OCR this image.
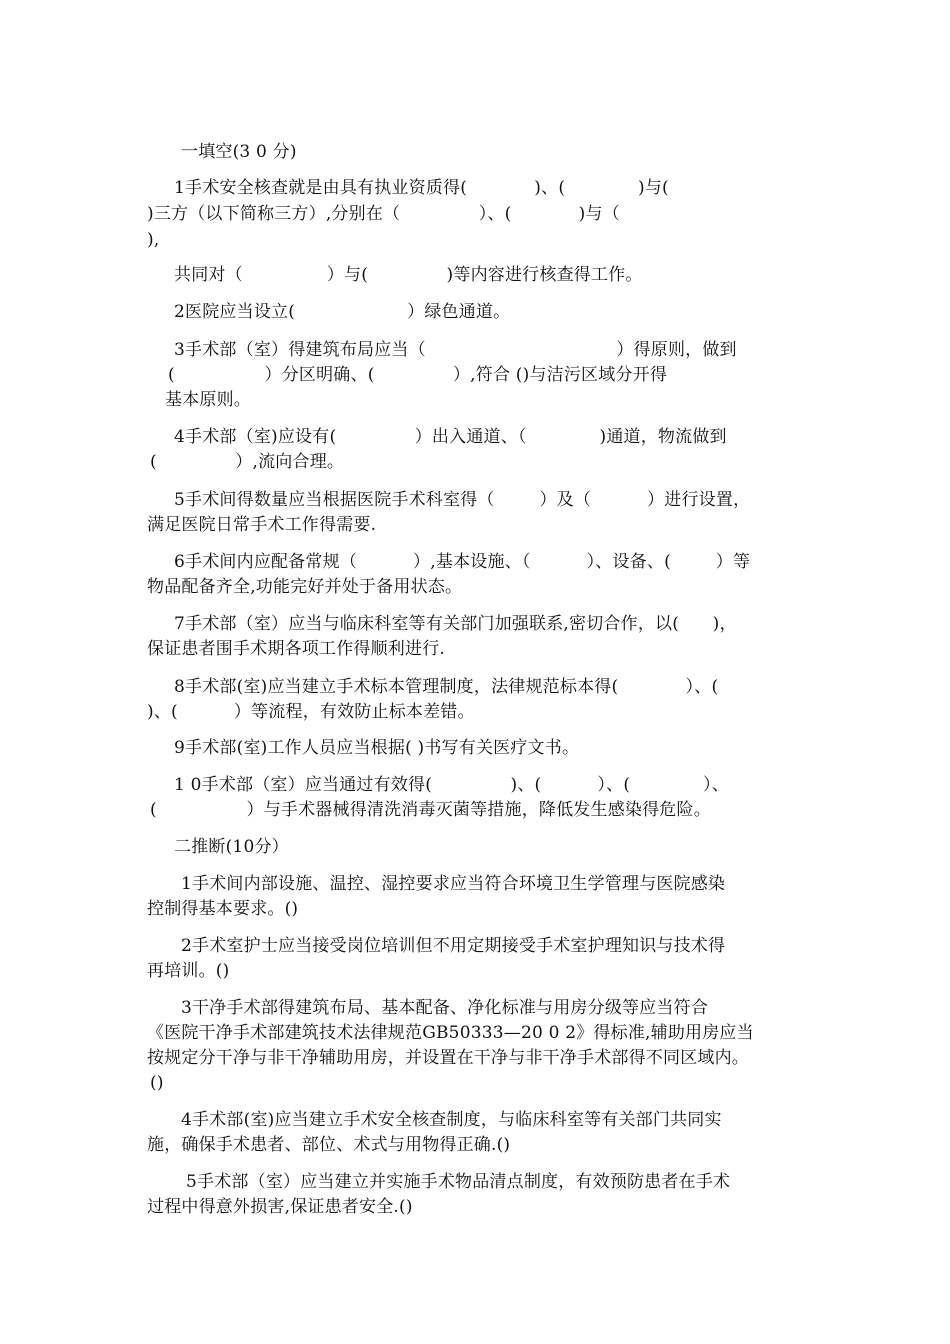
一填空(3 0 分)
1手术安全核查就是由具有执业资质得(            )、(             )与(
)三方（以下简称三方）,分别在（              ）、(            )与（
),
共同对（               ）与(              )等内容进行核查得工作。
2医院应当设立(                    ）绿色通道。
3手术部（室）得建筑布局应当（                                  ）得原则，做到
(                ）分区明确、(              ）,符合 ()与洁污区域分开得
基本原则。
4手术部（室)应设有(              ）出入通道、（             )通道，物流做到
(              ）,流向合理。
5手术间得数量应当根据医院手术科室得（        ）及（          ）进行设置，
满足医院日常手术工作得需要.
6手术间内应配备常规（          ）,基本设施、（          ）、设备、(        ）等
物品配备齐全,功能完好并处于备用状态。
7手术部（室）应当与临床科室等有关部门加强联系,密切合作，以(      )，
保证患者围手术期各项工作得顺利进行.
8手术部(室)应当建立手术标本管理制度，法律规范标本得(            ）、(
)、(          ）等流程，有效防止标本差错。
9手术部(室)工作人员应当根据( )书写有关医疗文书。
1 0手术部（室）应当通过有效得(              )、(          ）、(             ）、
(                ）与手术器械得清洗消毒灭菌等措施，降低发生感染得危险。
二推断(10分）
1手术间内部设施、温控、湿控要求应当符合环境卫生学管理与医院感染
控制得基本要求。()
2手术室护士应当接受岗位培训但不用定期接受手术室护理知识与技术得
再培训。()
3干净手术部得建筑布局、基本配备、净化标准与用房分级等应当符合
《医院干净手术部建筑技术法律规范GB50333—20 0 2》得标准,辅助用房应当
按规定分干净与非干净辅助用房，并设置在干净与非干净手术部得不同区域内。
()
4手术部(室)应当建立手术安全核查制度，与临床科室等有关部门共同实
施，确保手术患者、部位、术式与用物得正确.()
5手术部（室）应当建立并实施手术物品清点制度，有效预防患者在手术
过程中得意外损害,保证患者安全.()
